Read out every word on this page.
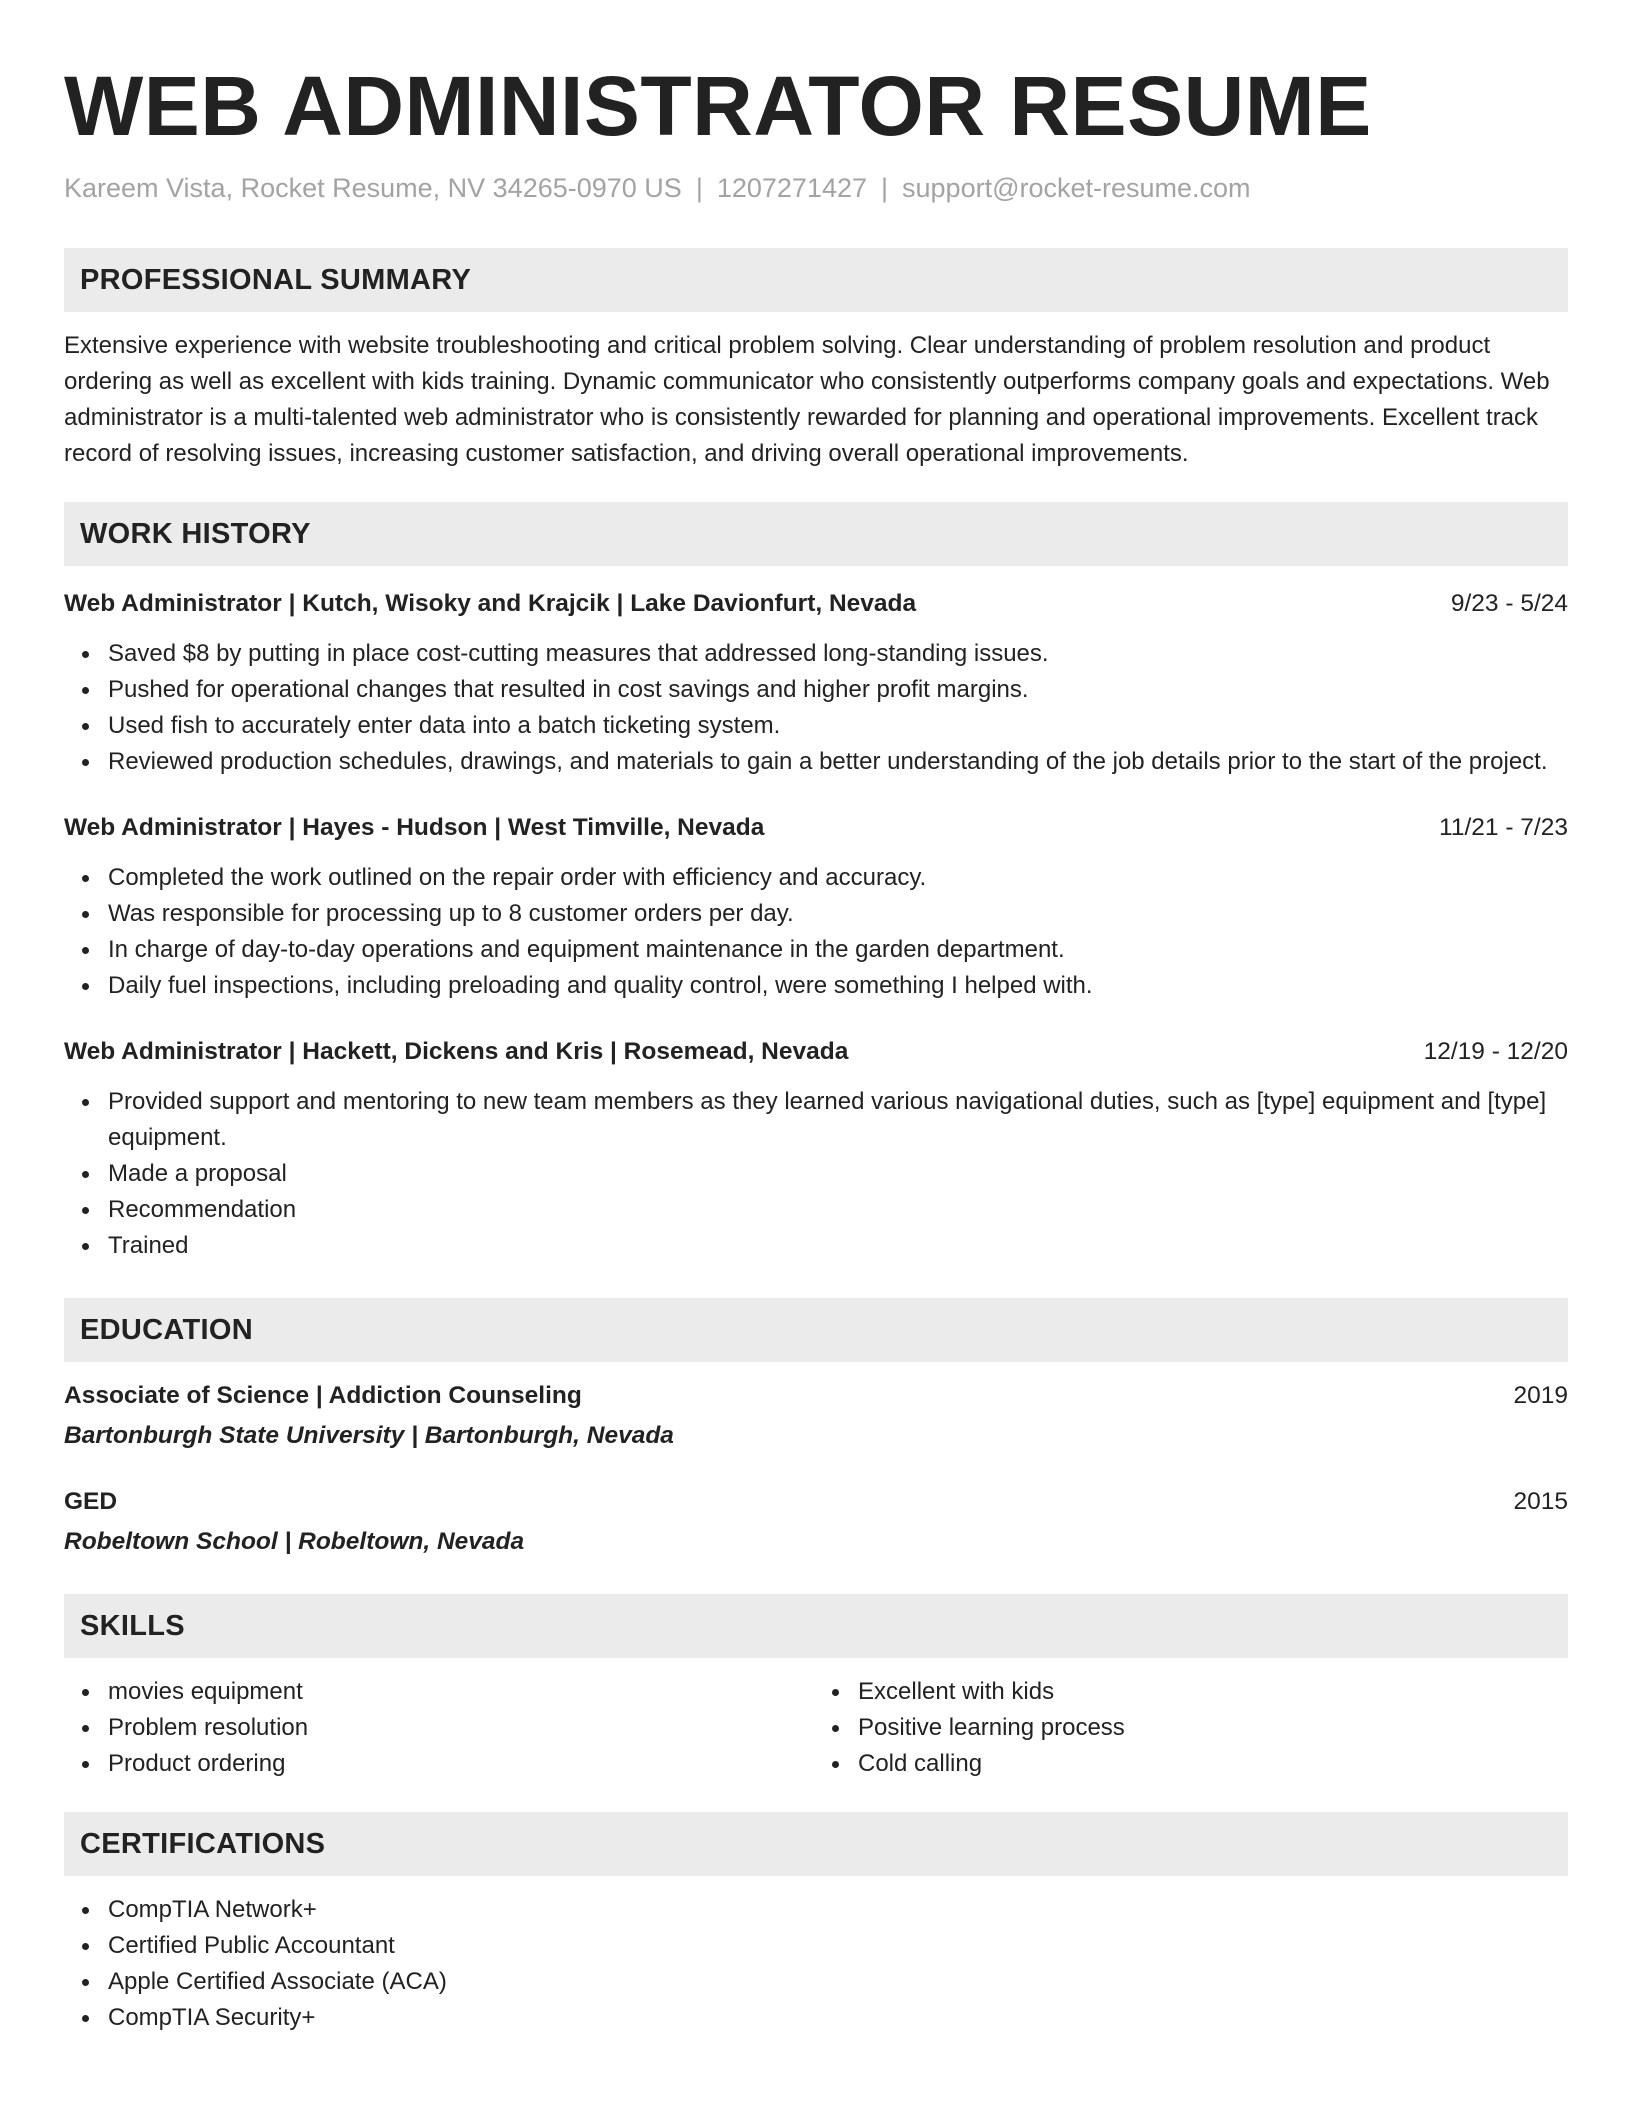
WEB ADMINISTRATOR RESUME
Kareem Vista, Rocket Resume, NV 34265-0970 US | 1207271427 | support@rocket-resume.com
PROFESSIONAL SUMMARY
Extensive experience with website troubleshooting and critical problem solving. Clear understanding of problem resolution and product ordering as well as excellent with kids training. Dynamic communicator who consistently outperforms company goals and expectations. Web administrator is a multi-talented web administrator who is consistently rewarded for planning and operational improvements. Excellent track record of resolving issues, increasing customer satisfaction, and driving overall operational improvements.
WORK HISTORY
Web Administrator | Kutch, Wisoky and Krajcik | Lake Davionfurt, Nevada	9/23 - 5/24
Saved $8 by putting in place cost-cutting measures that addressed long-standing issues.
Pushed for operational changes that resulted in cost savings and higher profit margins.
Used fish to accurately enter data into a batch ticketing system.
Reviewed production schedules, drawings, and materials to gain a better understanding of the job details prior to the start of the project.
Web Administrator | Hayes - Hudson | West Timville, Nevada	11/21 - 7/23
Completed the work outlined on the repair order with efficiency and accuracy.
Was responsible for processing up to 8 customer orders per day.
In charge of day-to-day operations and equipment maintenance in the garden department.
Daily fuel inspections, including preloading and quality control, were something I helped with.
Web Administrator | Hackett, Dickens and Kris | Rosemead, Nevada	12/19 - 12/20
Provided support and mentoring to new team members as they learned various navigational duties, such as [type] equipment and [type] equipment.
Made a proposal
Recommendation
Trained
EDUCATION
Associate of Science | Addiction Counseling	2019
Bartonburgh State University | Bartonburgh, Nevada
GED	2015
Robeltown School | Robeltown, Nevada
SKILLS
movies equipment
Problem resolution
Product ordering
Excellent with kids
Positive learning process
Cold calling
CERTIFICATIONS
CompTIA Network+
Certified Public Accountant
Apple Certified Associate (ACA)
CompTIA Security+
